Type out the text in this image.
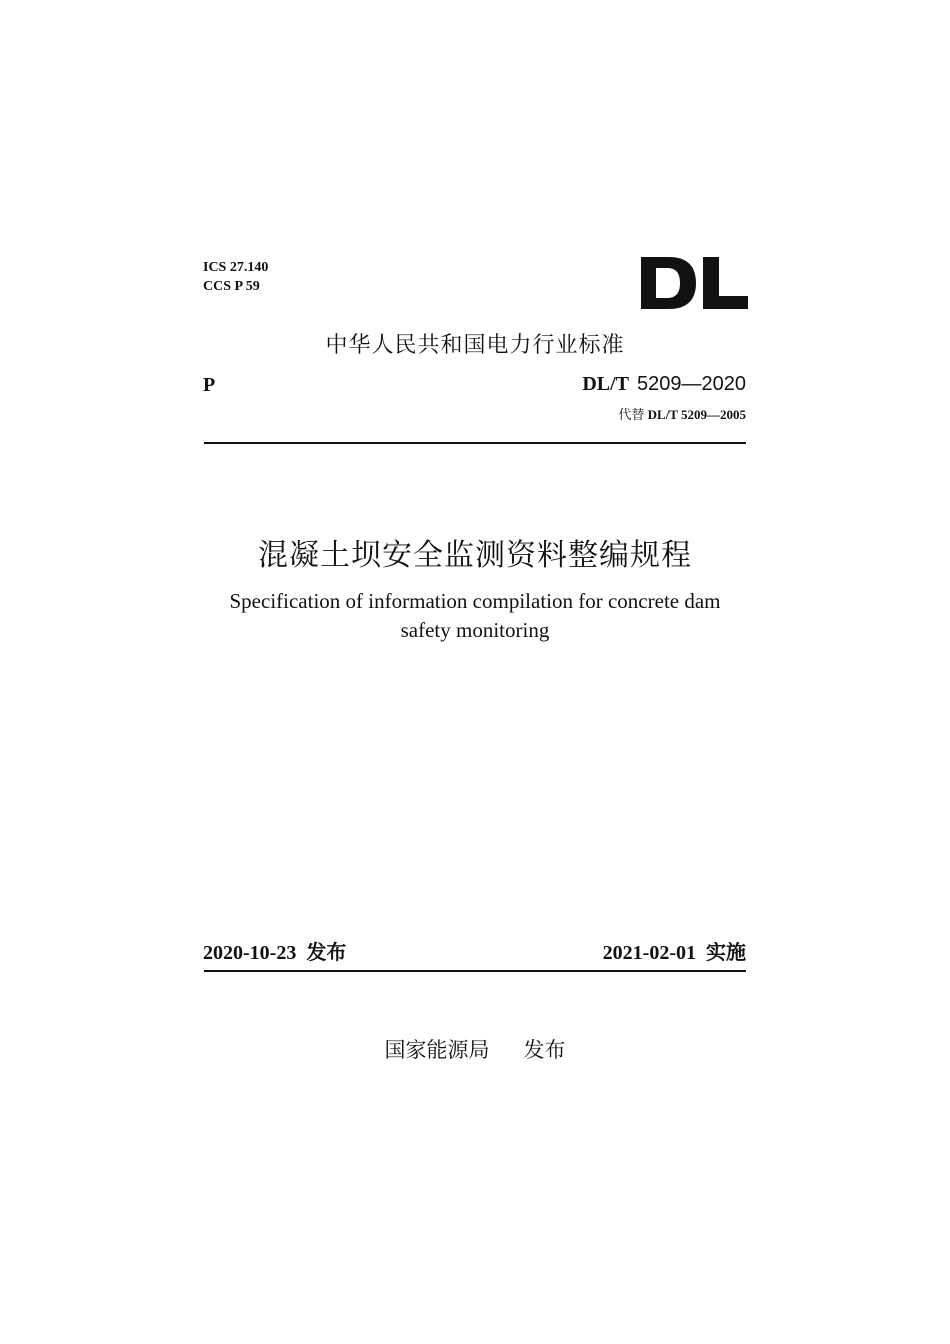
ICS 27.140
CCS P 59
中华人民共和国电力行业标准
P	DL/T 5209—2020
代替 DL/T 5209—2005
混凝土坝安全监测资料整编规程
Specification of information compilation for concrete dam
safety monitoring
2020-10-23 发布	2021-02-01 实施
国家能源局 发布
